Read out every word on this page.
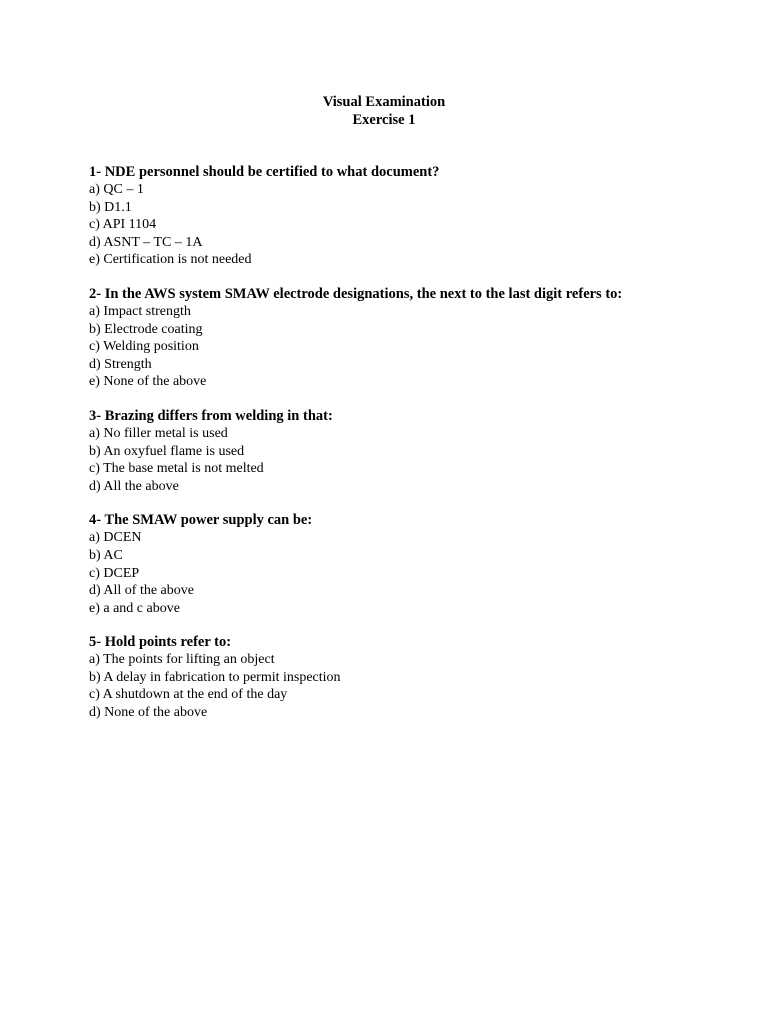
Visual Examination
Exercise 1
1- NDE personnel should be certified to what document?
a) QC – 1
b) D1.1
c) API 1104
d) ASNT – TC – 1A
e) Certification is not needed
2- In the AWS system SMAW electrode designations, the next to the last digit refers to:
a) Impact strength
b) Electrode coating
c) Welding position
d) Strength
e) None of the above
3- Brazing differs from welding in that:
a) No filler metal is used
b) An oxyfuel flame is used
c) The base metal is not melted
d) All the above
4- The SMAW power supply can be:
a) DCEN
b) AC
c) DCEP
d) All of the above
e) a and c above
5- Hold points refer to:
a) The points for lifting an object
b) A delay in fabrication to permit inspection
c) A shutdown at the end of the day
d) None of the above
